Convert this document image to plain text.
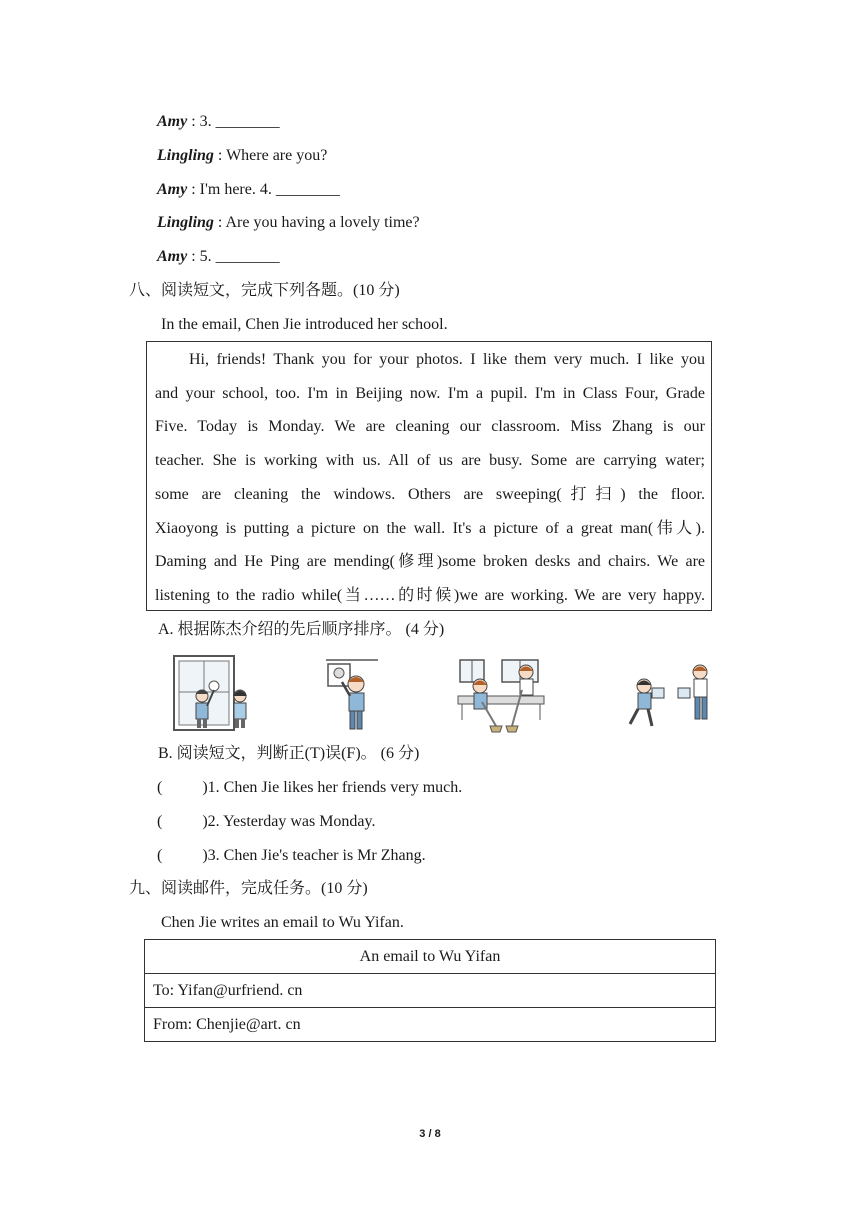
Amy : 3. ________
Lingling : Where are you?
Amy : I'm here. 4. ________
Lingling : Are you having a lovely time?
Amy : 5. ________
八、阅读短文，完成下列各题。(10 分)
In the email, Chen Jie introduced her school.
Hi, friends! Thank you for your photos. I like them very much. I like you
and your school, too. I'm in Beijing now. I'm a pupil. I'm in Class Four, Grade
Five. Today is Monday. We are cleaning our classroom. Miss Zhang is our
teacher. She is working with us. All of us are busy. Some are carrying water;
some are cleaning the windows. Others are sweeping(打扫) the floor.
Xiaoyong is putting a picture on the wall. It's a picture of a great man(伟人).
Daming and He Ping are mending(修理)some broken desks and chairs. We are
listening to the radio while(当……的时候)we are working. We are very happy.
A. 根据陈杰介绍的先后顺序排序。 (4 分)
B. 阅读短文，判断正(T)误(F)。 (6 分)
(          )1. Chen Jie likes her friends very much.
(          )2. Yesterday was Monday.
(          )3. Chen Jie's teacher is Mr Zhang.
九、阅读邮件，完成任务。(10 分)
Chen Jie writes an email to Wu Yifan.
An email to Wu Yifan
To: Yifan@urfriend. cn
From: Chenjie@art. cn
3 / 8
